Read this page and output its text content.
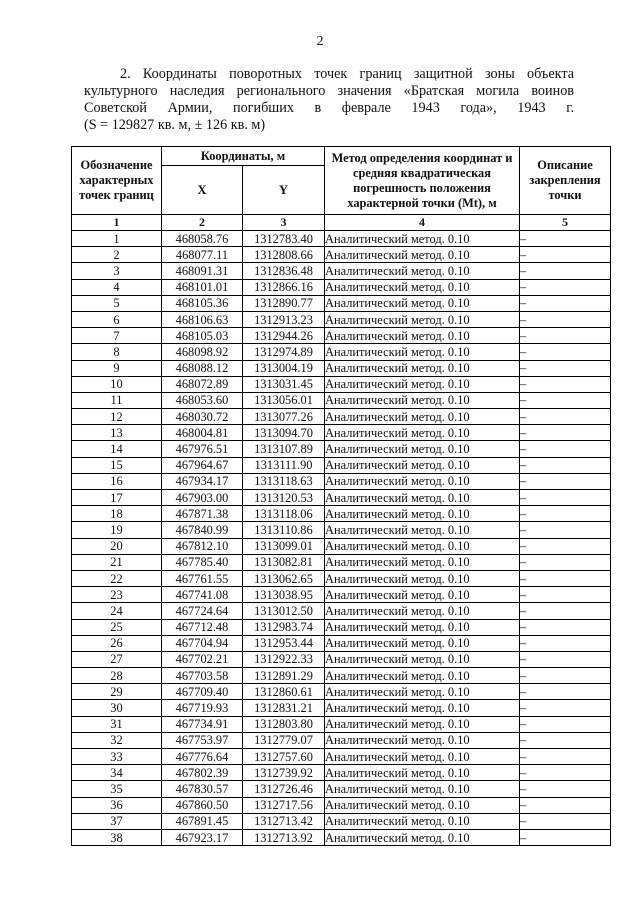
2
2. Координаты поворотных точек границ защитной зоны объекта
культурного наследия регионального значения «Братская могила воинов
Советской Армии, погибших в феврале 1943 года», 1943 г.
(S = 129827 кв. м, ± 126 кв. м)
Обозначение характерных точек границ	Координаты, м		Метод определения координат и средняя квадратическая погрешность положения характерной точки (Mt), м	Описание закрепления точки
	X	Y		
1	2	3	4	5
1	468058.76	1312783.40	Аналитический метод. 0.10	–
2	468077.11	1312808.66	Аналитический метод. 0.10	–
3	468091.31	1312836.48	Аналитический метод. 0.10	–
4	468101.01	1312866.16	Аналитический метод. 0.10	–
5	468105.36	1312890.77	Аналитический метод. 0.10	–
6	468106.63	1312913.23	Аналитический метод. 0.10	–
7	468105.03	1312944.26	Аналитический метод. 0.10	–
8	468098.92	1312974.89	Аналитический метод. 0.10	–
9	468088.12	1313004.19	Аналитический метод. 0.10	–
10	468072.89	1313031.45	Аналитический метод. 0.10	–
11	468053.60	1313056.01	Аналитический метод. 0.10	–
12	468030.72	1313077.26	Аналитический метод. 0.10	–
13	468004.81	1313094.70	Аналитический метод. 0.10	–
14	467976.51	1313107.89	Аналитический метод. 0.10	–
15	467964.67	1313111.90	Аналитический метод. 0.10	–
16	467934.17	1313118.63	Аналитический метод. 0.10	–
17	467903.00	1313120.53	Аналитический метод. 0.10	–
18	467871.38	1313118.06	Аналитический метод. 0.10	–
19	467840.99	1313110.86	Аналитический метод. 0.10	–
20	467812.10	1313099.01	Аналитический метод. 0.10	–
21	467785.40	1313082.81	Аналитический метод. 0.10	–
22	467761.55	1313062.65	Аналитический метод. 0.10	–
23	467741.08	1313038.95	Аналитический метод. 0.10	–
24	467724.64	1313012.50	Аналитический метод. 0.10	–
25	467712.48	1312983.74	Аналитический метод. 0.10	–
26	467704.94	1312953.44	Аналитический метод. 0.10	–
27	467702.21	1312922.33	Аналитический метод. 0.10	–
28	467703.58	1312891.29	Аналитический метод. 0.10	–
29	467709.40	1312860.61	Аналитический метод. 0.10	–
30	467719.93	1312831.21	Аналитический метод. 0.10	–
31	467734.91	1312803.80	Аналитический метод. 0.10	–
32	467753.97	1312779.07	Аналитический метод. 0.10	–
33	467776.64	1312757.60	Аналитический метод. 0.10	–
34	467802.39	1312739.92	Аналитический метод. 0.10	–
35	467830.57	1312726.46	Аналитический метод. 0.10	–
36	467860.50	1312717.56	Аналитический метод. 0.10	–
37	467891.45	1312713.42	Аналитический метод. 0.10	–
38	467923.17	1312713.92	Аналитический метод. 0.10	–
